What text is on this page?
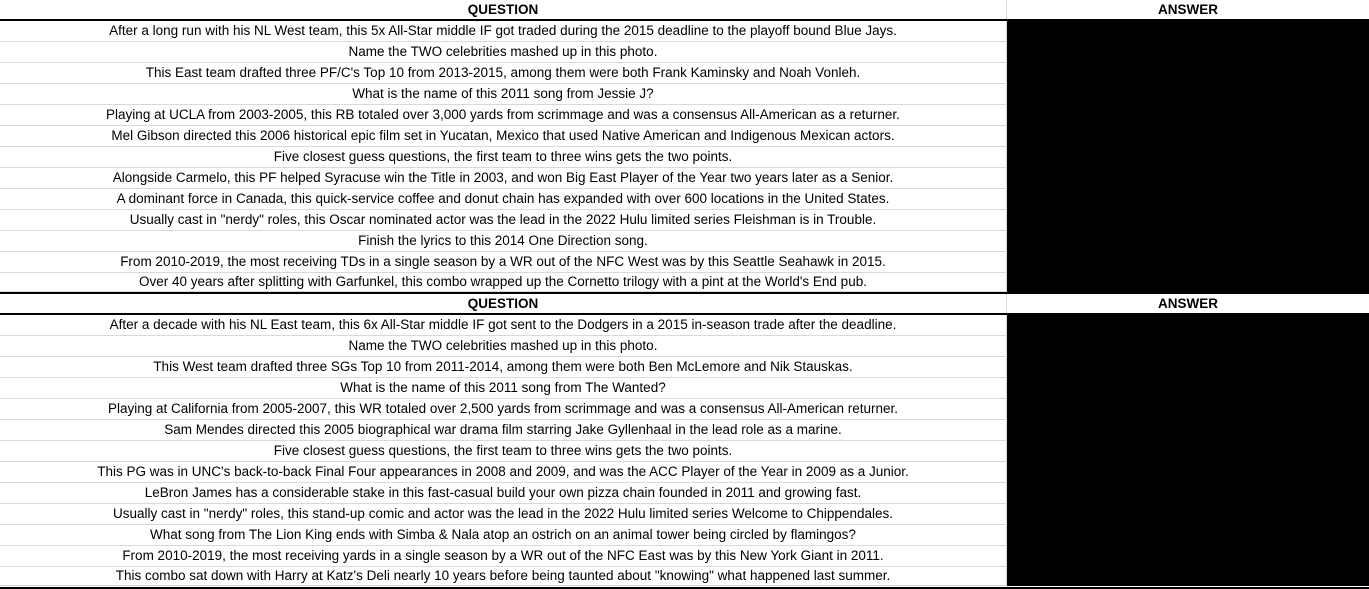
QUESTION	ANSWER
After a long run with his NL West team, this 5x All-Star middle IF got traded during the 2015 deadline to the playoff bound Blue Jays.
Name the TWO celebrities mashed up in this photo.
This East team drafted three PF/C's Top 10 from 2013-2015, among them were both Frank Kaminsky and Noah Vonleh.
What is the name of this 2011 song from Jessie J?
Playing at UCLA from 2003-2005, this RB totaled over 3,000 yards from scrimmage and was a consensus All-American as a returner.
Mel Gibson directed this 2006 historical epic film set in Yucatan, Mexico that used Native American and Indigenous Mexican actors.
Five closest guess questions, the first team to three wins gets the two points.
Alongside Carmelo, this PF helped Syracuse win the Title in 2003, and won Big East Player of the Year two years later as a Senior.
A dominant force in Canada, this quick-service coffee and donut chain has expanded with over 600 locations in the United States.
Usually cast in "nerdy" roles, this Oscar nominated actor was the lead in the 2022 Hulu limited series Fleishman is in Trouble.
Finish the lyrics to this 2014 One Direction song.
From 2010-2019, the most receiving TDs in a single season by a WR out of the NFC West was by this Seattle Seahawk in 2015.
Over 40 years after splitting with Garfunkel, this combo wrapped up the Cornetto trilogy with a pint at the World's End pub.
QUESTION	ANSWER
After a decade with his NL East team, this 6x All-Star middle IF got sent to the Dodgers in a 2015 in-season trade after the deadline.
Name the TWO celebrities mashed up in this photo.
This West team drafted three SGs Top 10 from 2011-2014, among them were both Ben McLemore and Nik Stauskas.
What is the name of this 2011 song from The Wanted?
Playing at California from 2005-2007, this WR totaled over 2,500 yards from scrimmage and was a consensus All-American returner.
Sam Mendes directed this 2005 biographical war drama film starring Jake Gyllenhaal in the lead role as a marine.
Five closest guess questions, the first team to three wins gets the two points.
This PG was in UNC's back-to-back Final Four appearances in 2008 and 2009, and was the ACC Player of the Year in 2009 as a Junior.
LeBron James has a considerable stake in this fast-casual build your own pizza chain founded in 2011 and growing fast.
Usually cast in "nerdy" roles, this stand-up comic and actor was the lead in the 2022 Hulu limited series Welcome to Chippendales.
What song from The Lion King ends with Simba & Nala atop an ostrich on an animal tower being circled by flamingos?
From 2010-2019, the most receiving yards in a single season by a WR out of the NFC East was by this New York Giant in 2011.
This combo sat down with Harry at Katz's Deli nearly 10 years before being taunted about "knowing" what happened last summer.
